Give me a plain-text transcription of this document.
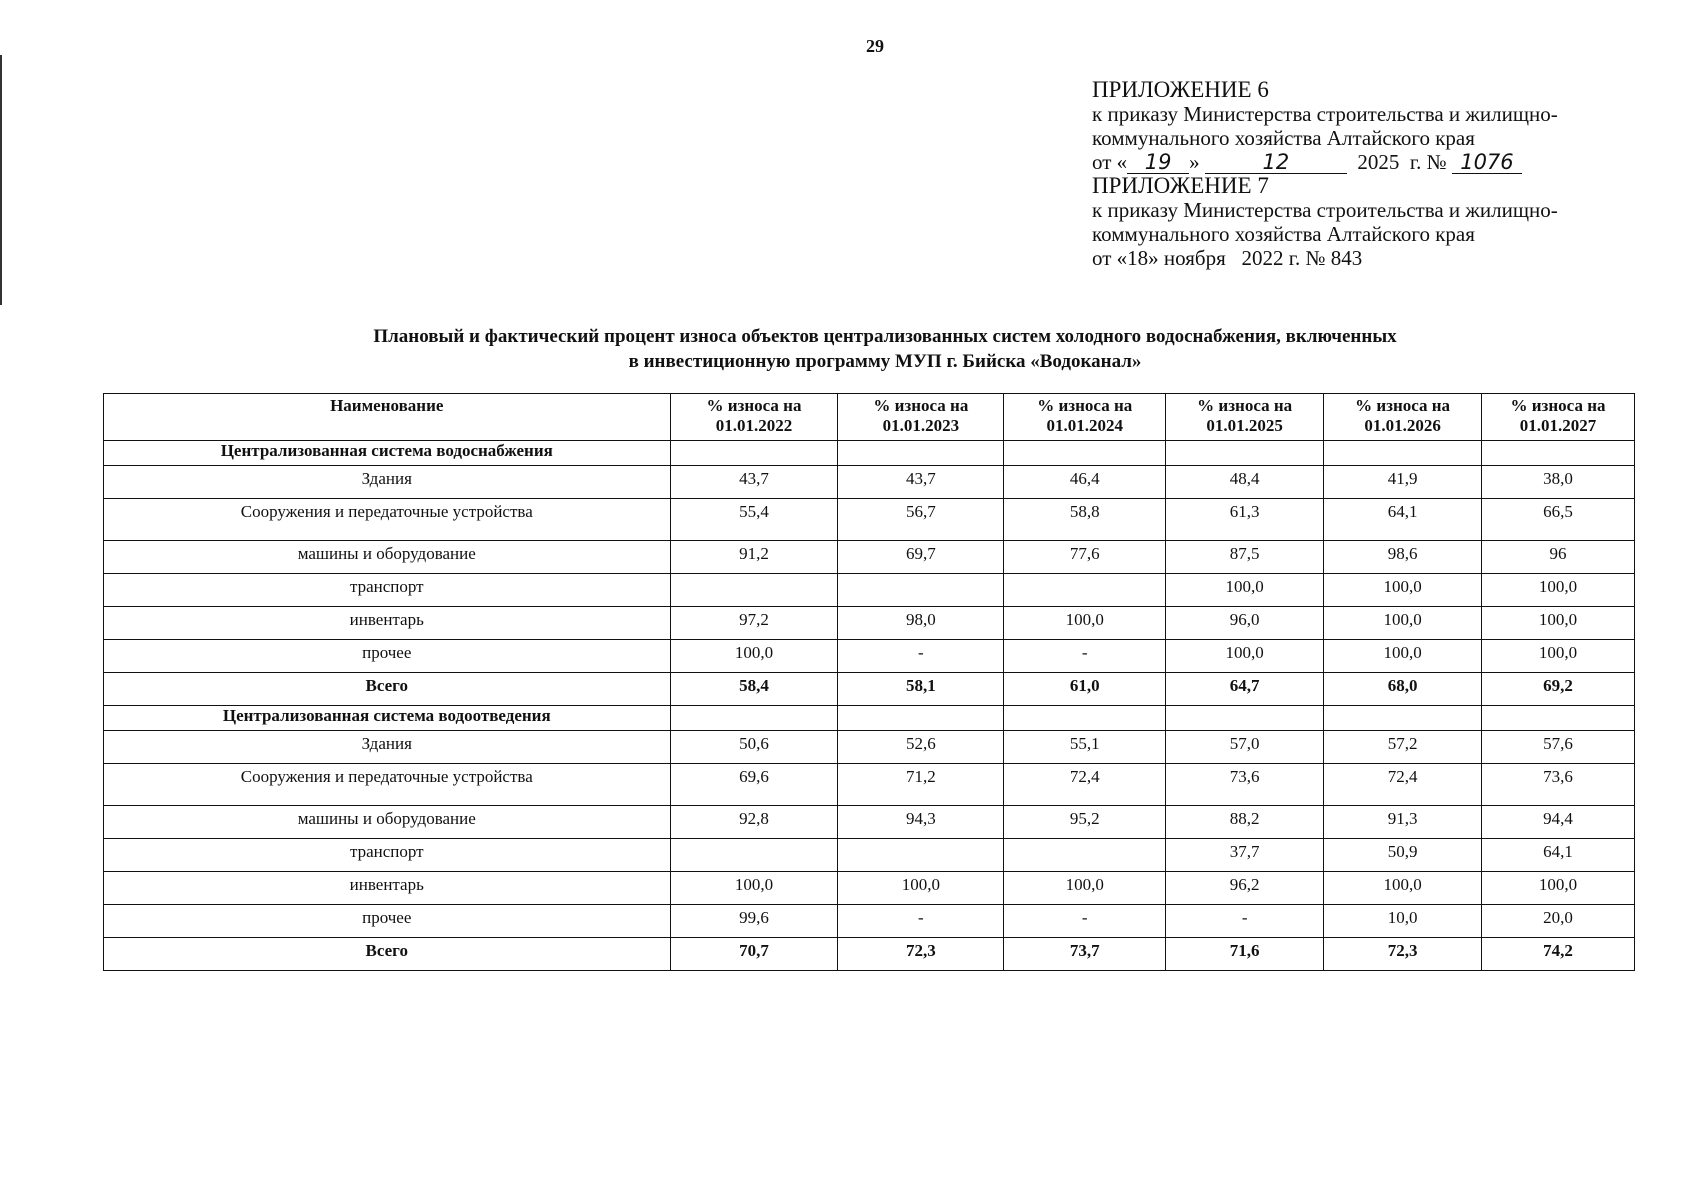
29
ПРИЛОЖЕНИЕ 6
к приказу Министерства строительства и жилищно-
коммунального хозяйства Алтайского края
от « 19 »	12	2025 г. № 1076
ПРИЛОЖЕНИЕ 7
к приказу Министерства строительства и жилищно-
коммунального хозяйства Алтайского края
от «18» ноября   2022 г. № 843
Плановый и фактический процент износа объектов централизованных систем холодного водоснабжения, включенных
в инвестиционную программу МУП г. Бийска «Водоканал»
Наименование	% износа на 01.01.2022	% износа на 01.01.2023	% износа на 01.01.2024	% износа на 01.01.2025	% износа на 01.01.2026	% износа на 01.01.2027
Централизованная система водоснабжения						
Здания	43,7	43,7	46,4	48,4	41,9	38,0
Сооружения и передаточные устройства	55,4	56,7	58,8	61,3	64,1	66,5
машины и оборудование	91,2	69,7	77,6	87,5	98,6	96
транспорт				100,0	100,0	100,0
инвентарь	97,2	98,0	100,0	96,0	100,0	100,0
прочее	100,0	-	-	100,0	100,0	100,0
Всего	58,4	58,1	61,0	64,7	68,0	69,2
Централизованная система водоотведения						
Здания	50,6	52,6	55,1	57,0	57,2	57,6
Сооружения и передаточные устройства	69,6	71,2	72,4	73,6	72,4	73,6
машины и оборудование	92,8	94,3	95,2	88,2	91,3	94,4
транспорт				37,7	50,9	64,1
инвентарь	100,0	100,0	100,0	96,2	100,0	100,0
прочее	99,6	-	-	-	10,0	20,0
Всего	70,7	72,3	73,7	71,6	72,3	74,2
